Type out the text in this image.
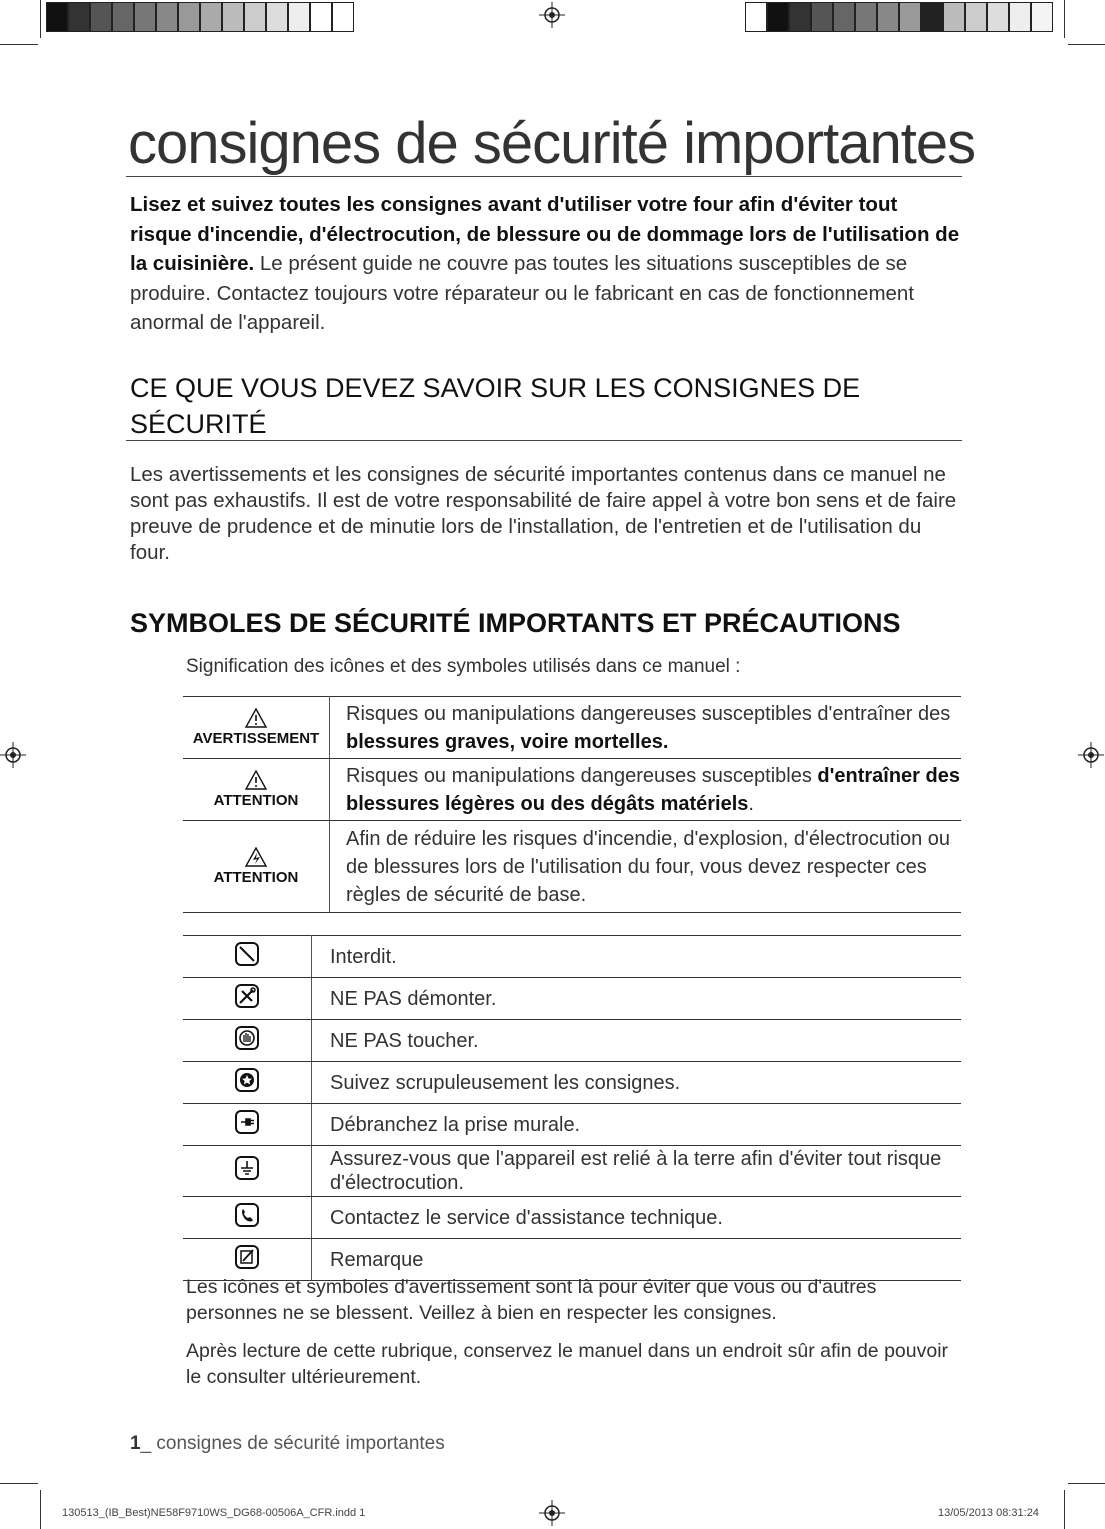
consignes de sécurité importantes
Lisez et suivez toutes les consignes avant d'utiliser votre four afin d'éviter tout risque d'incendie, d'électrocution, de blessure ou de dommage lors de l'utilisation de la cuisinière. Le présent guide ne couvre pas toutes les situations susceptibles de se produire. Contactez toujours votre réparateur ou le fabricant en cas de fonctionnement anormal de l'appareil.
CE QUE VOUS DEVEZ SAVOIR SUR LES CONSIGNES DE SÉCURITÉ
Les avertissements et les consignes de sécurité importantes contenus dans ce manuel ne sont pas exhaustifs. Il est de votre responsabilité de faire appel à votre bon sens et de faire preuve de prudence et de minutie lors de l'installation, de l'entretien et de l'utilisation du four.
SYMBOLES DE SÉCURITÉ IMPORTANTS ET PRÉCAUTIONS
Signification des icônes et des symboles utilisés dans ce manuel :
AVERTISSEMENT	Risques ou manipulations dangereuses susceptibles d'entraîner des blessures graves, voire mortelles.

ATTENTION	Risques ou manipulations dangereuses susceptibles d'entraîner des blessures légères ou des dégâts matériels.

ATTENTION	Afin de réduire les risques d'incendie, d'explosion, d'électrocution ou de blessures lors de l'utilisation du four, vous devez respecter ces règles de sécurité de base.
	Interdit.
	NE PAS démonter.
	NE PAS toucher.
	Suivez scrupuleusement les consignes.
	Débranchez la prise murale.
	Assurez-vous que l'appareil est relié à la terre afin d'éviter tout risque d'électrocution.
	Contactez le service d'assistance technique.
	Remarque
Les icônes et symboles d'avertissement sont là pour éviter que vous ou d'autres personnes ne se blessent. Veillez à bien en respecter les consignes.
Après lecture de cette rubrique, conservez le manuel dans un endroit sûr afin de pouvoir le consulter ultérieurement.
1_ consignes de sécurité importantes
130513_(IB_Best)NE58F9710WS_DG68-00506A_CFR.indd 1	13/05/2013 08:31:24
